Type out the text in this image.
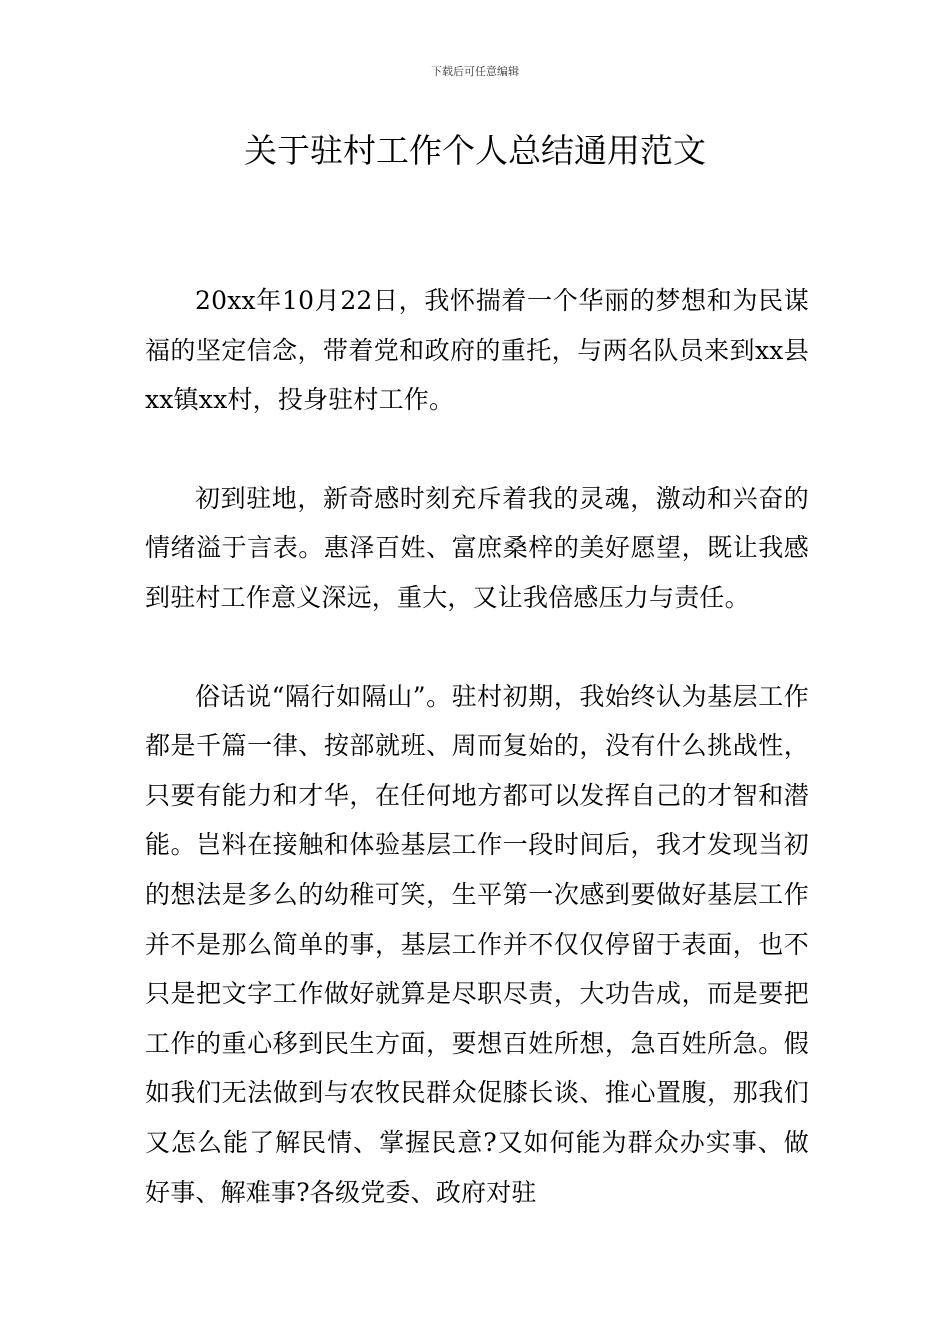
下载后可任意编辑
关于驻村工作个人总结通用范文

20xx年10月22日，我怀揣着一个华丽的梦想和为民谋福的坚定信念，带着党和政府的重托，与两名队员来到xx县xx镇xx村，投身驻村工作。

初到驻地，新奇感时刻充斥着我的灵魂，激动和兴奋的情绪溢于言表。惠泽百姓、富庶桑梓的美好愿望，既让我感到驻村工作意义深远，重大，又让我倍感压力与责任。

俗话说“隔行如隔山”。驻村初期，我始终认为基层工作都是千篇一律、按部就班、周而复始的，没有什么挑战性，只要有能力和才华，在任何地方都可以发挥自己的才智和潜能。岂料在接触和体验基层工作一段时间后，我才发现当初的想法是多么的幼稚可笑，生平第一次感到要做好基层工作并不是那么简单的事，基层工作并不仅仅停留于表面，也不只是把文字工作做好就算是尽职尽责，大功告成，而是要把工作的重心移到民生方面，要想百姓所想，急百姓所急。假如我们无法做到与农牧民群众促膝长谈、推心置腹，那我们又怎么能了解民情、掌握民意?又如何能为群众办实事、做好事、解难事?各级党委、政府对驻
